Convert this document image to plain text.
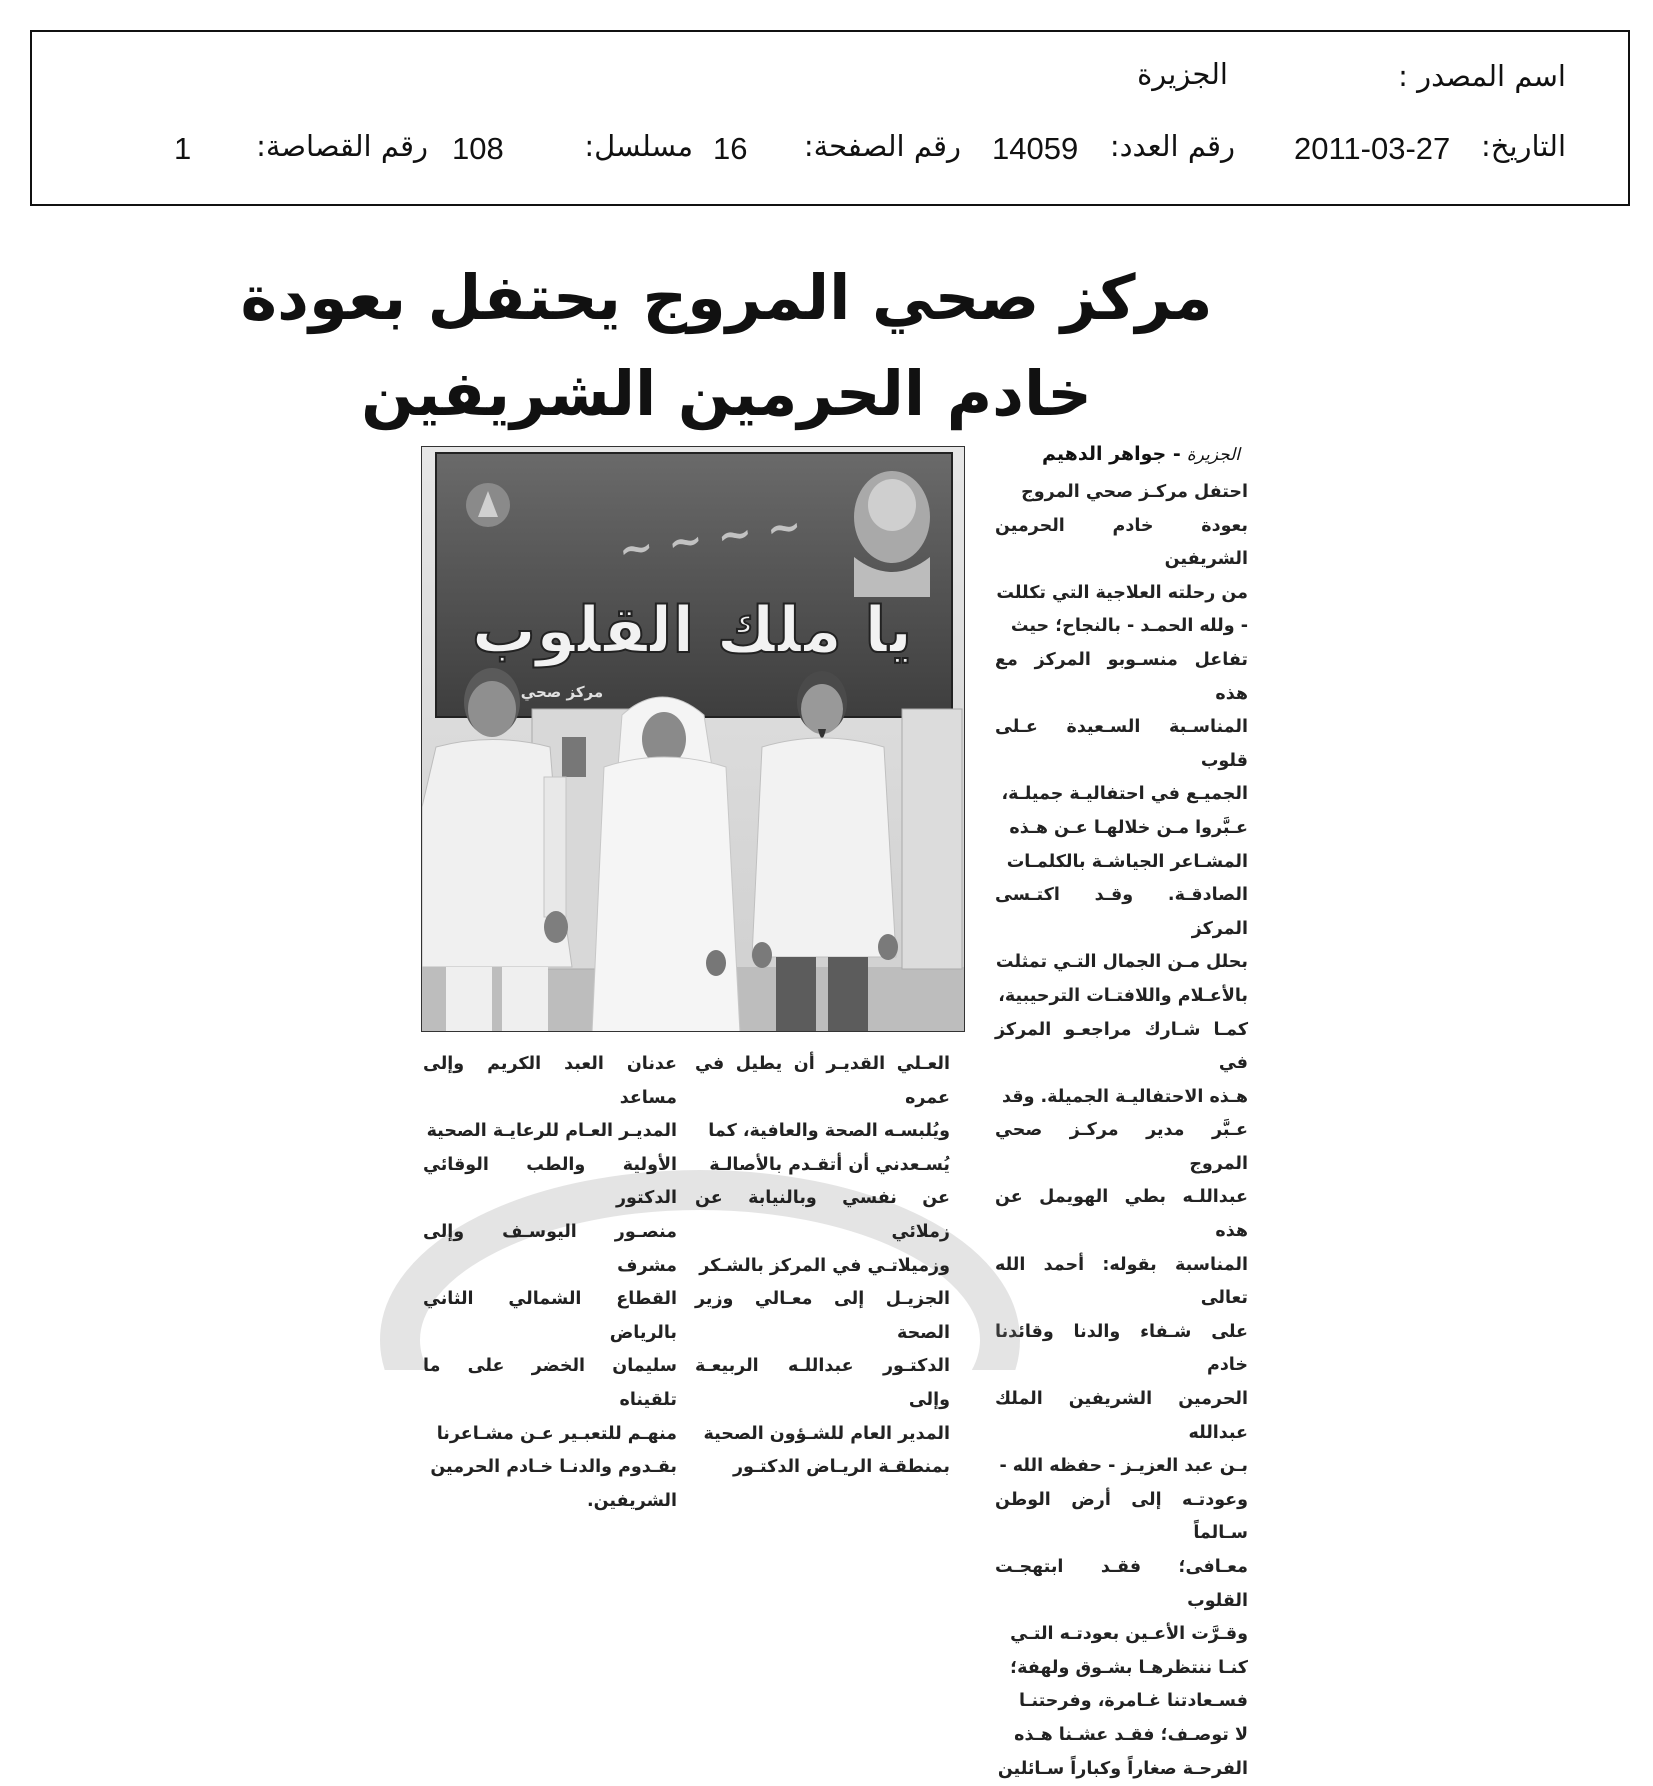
اسم المصدر :
الجزيرة
التاريخ:
2011-03-27
رقم العدد:
14059
رقم الصفحة:
16
مسلسل:
108
رقم القصاصة:
1
مركز صحي المروج يحتفل بعودة
خادم الحرمين الشريفين
الجزيرة- جواهر الدهيم

احتفل مركـز صحي المروج

بعودة خادم الحرمين الشريفين

من رحلته العلاجية التي تكللت

- ولله الحمـد - بالنجاح؛ حيث

تفاعل منسـوبو المركز مع هذه

المناسـبة السـعيدة عـلى قلوب

الجميـع في احتفاليـة جميلـة،

عـبَّروا مـن خلالهـا عـن هـذه

المشـاعر الجياشـة بالكلمـات

الصادقـة. وقـد اكتـسى المركز

بحلل مـن الجمال التـي تمثلت

بالأعـلام واللافتـات الترحيبية،

كمـا شـارك مراجعـو المركز في

هـذه الاحتفاليـة الجميلة. وقد

عـبَّر مدير مركـز صحي المروج

عبداللـه بطي الهويمل عن هذه

المناسبة بقوله: أحمد الله تعالى

على شـفاء والدنا وقائدنا خادم

الحرمين الشريفين الملك عبدالله

بـن عبد العزيـز - حفظه الله -

وعودتـه إلى أرض الوطن سـالماً

معـافى؛ فقـد ابتهجـت القلوب

وقـرَّت الأعـين بعودتـه التـي

كنـا ننتظرهـا بشـوق ولهفة؛

فسـعادتنا غـامرة، وفرحتنـا

لا توصـف؛ فقـد عشـنا هـذه

الفرحـة صغاراً وكباراً سـائلين

~ ~ ~ ~
يا ملك القلوب
مركز صحي

العـلي القديـر أن يطيل في عمره

ويُلبسـه الصحة والعافية، كما

يُسـعدني أن أتقـدم بالأصالـة

عن نفسي وبالنيابة عن زملائي

وزميلاتـي في المركز بالشـكر

الجزيـل إلى معـالي وزير الصحة

الدكتـور عبداللـه الربيعـة وإلى

المدير العام للشـؤون الصحية

بمنطقـة الريـاض الدكتـور

عدنان العبد الكريم وإلى مساعد

المديـر العـام للرعايـة الصحية

الأولية والطب الوقائي الدكتور

منصـور اليوسـف وإلى مشرف

القطاع الشمالي الثاني بالرياض

سليمان الخضر على ما تلقيناه

منهـم للتعبـير عـن مشـاعرنا

بقـدوم والدنـا خـادم الحرمين

الشريفين.
